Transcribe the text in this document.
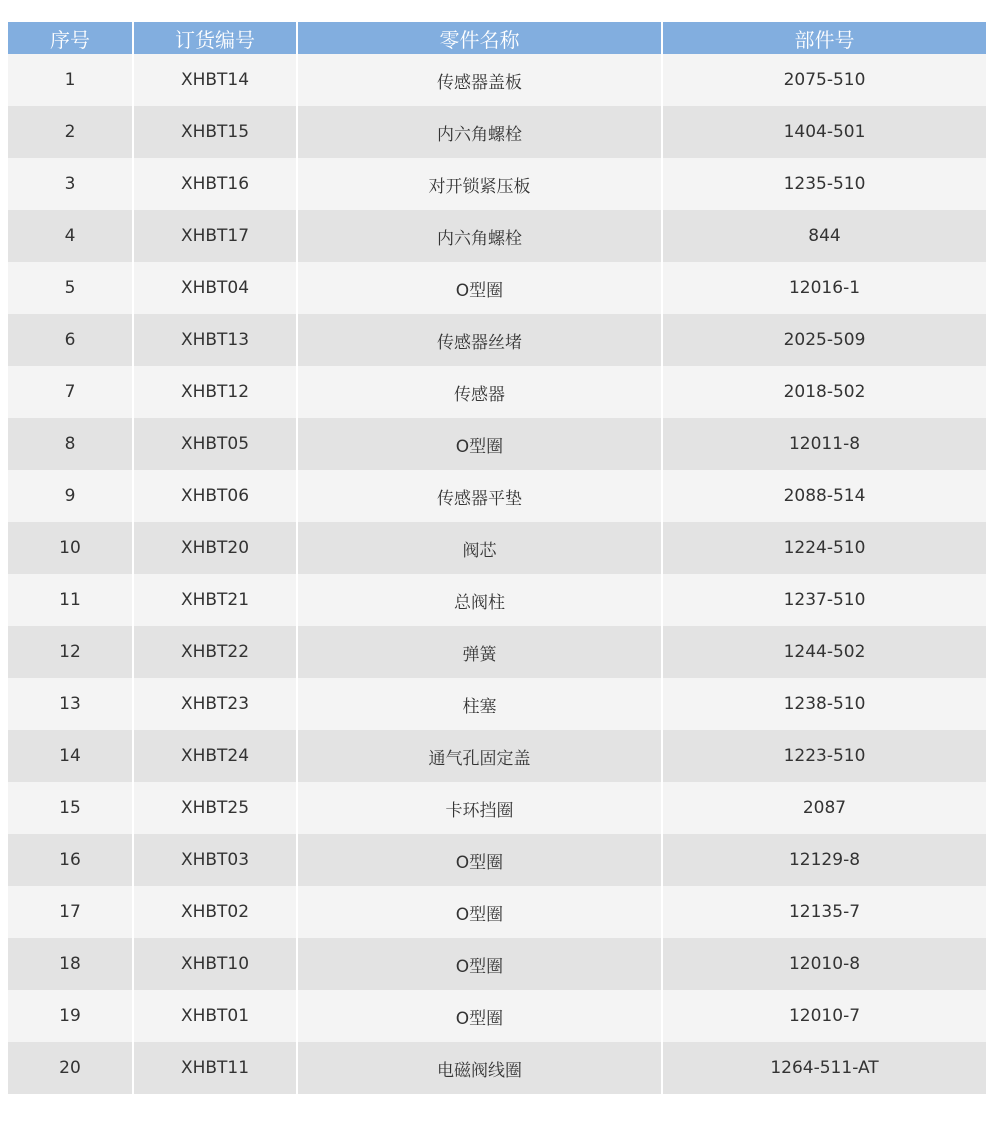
序号	订货编号	零件名称	部件号
1	XHBT14	传感器盖板	2075-510
2	XHBT15	内六角螺栓	1404-501
3	XHBT16	对开锁紧压板	1235-510
4	XHBT17	内六角螺栓	844
5	XHBT04	O型圈	12016-1
6	XHBT13	传感器丝堵	2025-509
7	XHBT12	传感器	2018-502
8	XHBT05	O型圈	12011-8
9	XHBT06	传感器平垫	2088-514
10	XHBT20	阀芯	1224-510
11	XHBT21	总阀柱	1237-510
12	XHBT22	弹簧	1244-502
13	XHBT23	柱塞	1238-510
14	XHBT24	通气孔固定盖	1223-510
15	XHBT25	卡环挡圈	2087
16	XHBT03	O型圈	12129-8
17	XHBT02	O型圈	12135-7
18	XHBT10	O型圈	12010-8
19	XHBT01	O型圈	12010-7
20	XHBT11	电磁阀线圈	1264-511-AT
